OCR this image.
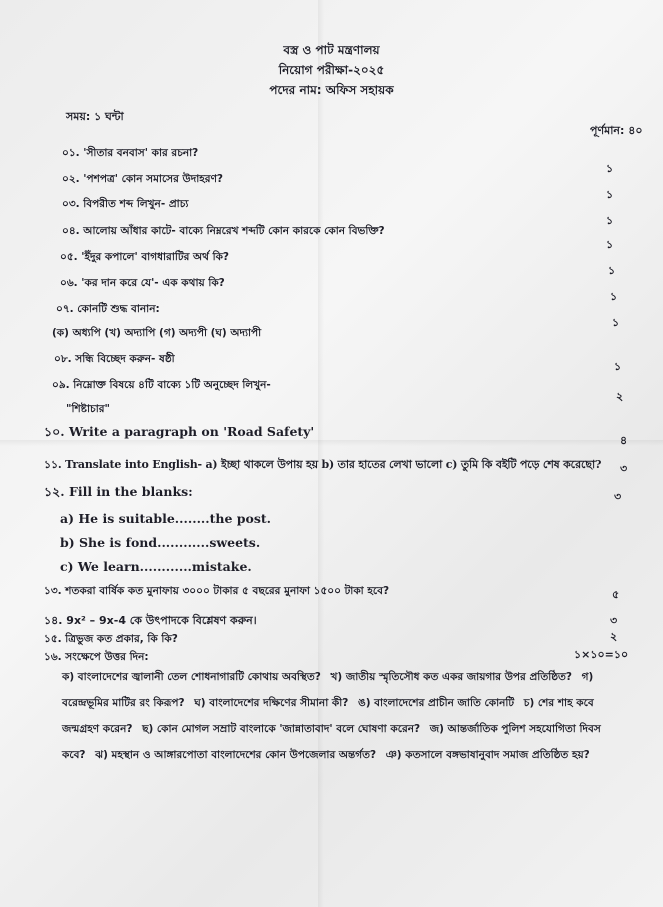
বস্ত্র ও পাট মন্ত্রণালয়
নিয়োগ পরীক্ষা-২০২৫
পদের নাম: অফিস সহায়ক
সময়: ১ ঘন্টা
পূর্ণমান: ৪০
০১. 'সীতার বনবাস' কার রচনা?
১
০২. 'পশপত্র' কোন সমাসের উদাহরণ?
১
০৩. বিপরীত শব্দ লিখুন- প্রাচ্য
১
০৪. আলোয় আঁধার কাটে- বাক্যে নিম্নরেখ শব্দটি কোন কারকে কোন বিভক্তি?
১
০৫. 'ইঁদুর কপালে' বাগধারাটির অর্থ কি?
১
০৬. 'কর দান করে যে'- এক কথায় কি?
১
০৭. কোনটি শুদ্ধ বানান:
১
(ক) অধ্যপি (খ) অদ্যাপি (গ) অদ্যপী (ঘ) অদ্যাপী
০৮. সন্ধি বিচ্ছেদ করুন- ষষ্ঠী
১
০৯. নিম্নোক্ত বিষয়ে ৪টি বাক্যে ১টি অনুচ্ছেদ লিখুন-
২
"শিষ্টাচার"
১০. Write a paragraph on 'Road Safety'
৪
১১. Translate into English- a) ইচ্ছা থাকলে উপায় হয় b) তার হাতের লেখা ভালো c) তুমি কি বইটি পড়ে শেষ করেছো? ৩
১২. Fill in the blanks:	৩
a) He is suitable........the post.
b) She is fond............sweets.
c) We learn............mistake.
১৩. শতকরা বার্ষিক কত মুনাফায় ৩০০০ টাকার ৫ বছরের মুনাফা ১৫০০ টাকা হবে?	৫
১৪. 9x² – 9x-4 কে উৎপাদকে বিশ্লেষণ করুন।	৩
১৫. ত্রিভুজ কত প্রকার, কি কি?	২
১৬. সংক্ষেপে উত্তর দিন:	১×১০=১০
ক) বাংলাদেশের জ্বালানী তেল শোধনাগারটি কোথায় অবস্থিত? খ) জাতীয় স্মৃতিসৌধ কত একর জায়গার উপর প্রতিষ্ঠিত? গ) বরেন্দ্রভূমির মাটির রং কিরূপ? ঘ) বাংলাদেশের দক্ষিণের সীমানা কী? ঙ) বাংলাদেশের প্রাচীন জাতি কোনটি চ) শের শাহ কবে জন্মগ্রহণ করেন? ছ) কোন মোগল সম্রাট বাংলাকে 'জান্নাতাবাদ' বলে ঘোষণা করেন? জ) আন্তর্জাতিক পুলিশ সহযোগিতা দিবস কবে? ঝ) মহস্থান ও আঙ্গারপোতা বাংলাদেশের কোন উপজেলার অন্তর্গত? ঞ) কতসালে বঙ্গভাষানুবাদ সমাজ প্রতিষ্ঠিত হয়?
